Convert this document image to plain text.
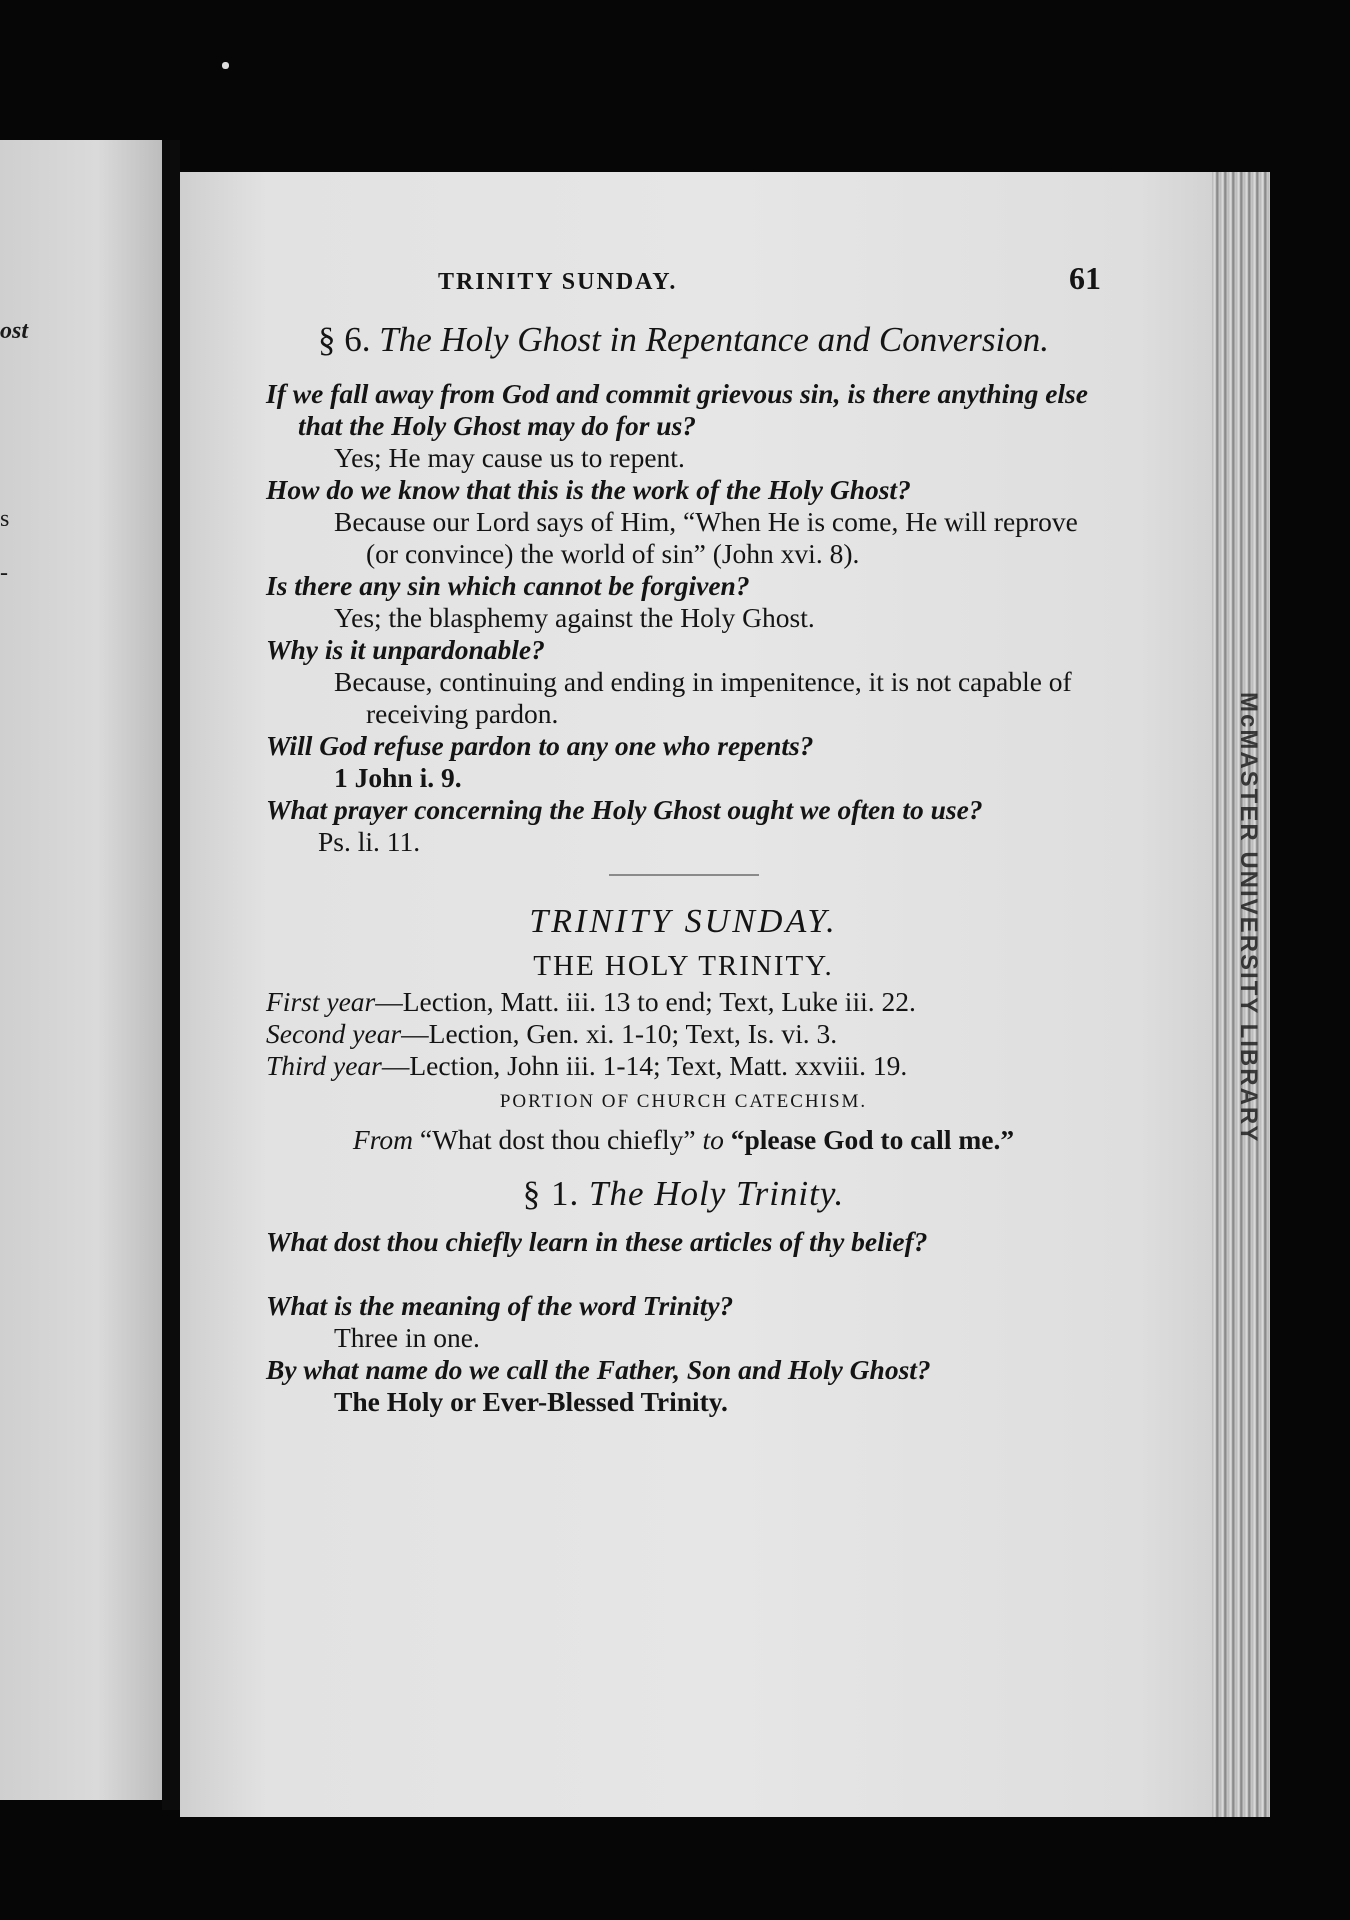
ost
s
-
McMASTER UNIVERSITY LIBRARY
TRINITY SUNDAY.	61
§ 6. The Holy Ghost in Repentance and Conversion.
If we fall away from God and commit grievous sin, is there anything else that the Holy Ghost may do for us?
Yes; He may cause us to repent.
How do we know that this is the work of the Holy Ghost?
Because our Lord says of Him, “When He is come, He will reprove (or convince) the world of sin” (John xvi. 8).
Is there any sin which cannot be forgiven?
Yes; the blasphemy against the Holy Ghost.
Why is it unpardonable?
Because, continuing and ending in impenitence, it is not capable of receiving pardon.
Will God refuse pardon to any one who repents?
1 John i. 9.
What prayer concerning the Holy Ghost ought we often to use?
Ps. li. 11.
TRINITY SUNDAY.
THE HOLY TRINITY.
First year—Lection, Matt. iii. 13 to end; Text, Luke iii. 22.
Second year—Lection, Gen. xi. 1-10; Text, Is. vi. 3.
Third year—Lection, John iii. 1-14; Text, Matt. xxviii. 19.
PORTION OF CHURCH CATECHISM.
From “What dost thou chiefly” to “please God to call me.”
§ 1. The Holy Trinity.
What dost thou chiefly learn in these articles of thy belief?
What is the meaning of the word Trinity?
Three in one.
By what name do we call the Father, Son and Holy Ghost?
The Holy or Ever-Blessed Trinity.
